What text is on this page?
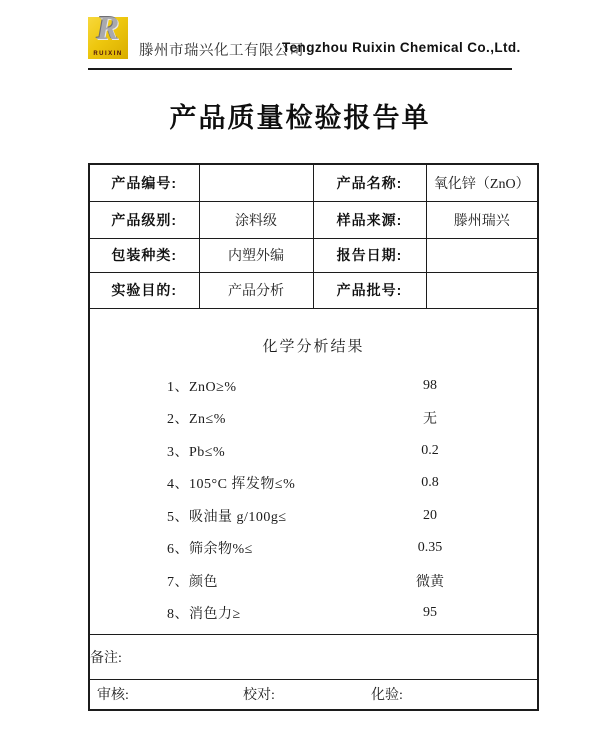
R
RUIXIN	滕州市瑞兴化工有限公司
Tengzhou Ruixin Chemical Co.,Ltd.
产品质量检验报告单
产品编号:		产品名称:	氧化锌（ZnO）
产品级别:	涂料级	样品来源:	滕州瑞兴
包装种类:	内塑外编	报告日期:	
实验目的:	产品分析	产品批号:	

化学分析结果
1、ZnO≥%	98
2、Zn≤%	无
3、Pb≤%	0.2
4、105°C 挥发物≤%	0.8
5、吸油量 g/100g≤	20
6、筛余物%≤	0.35
7、颜色	微黄
8、消色力≥	95

备注:			

审核: 校对: 化验:			
